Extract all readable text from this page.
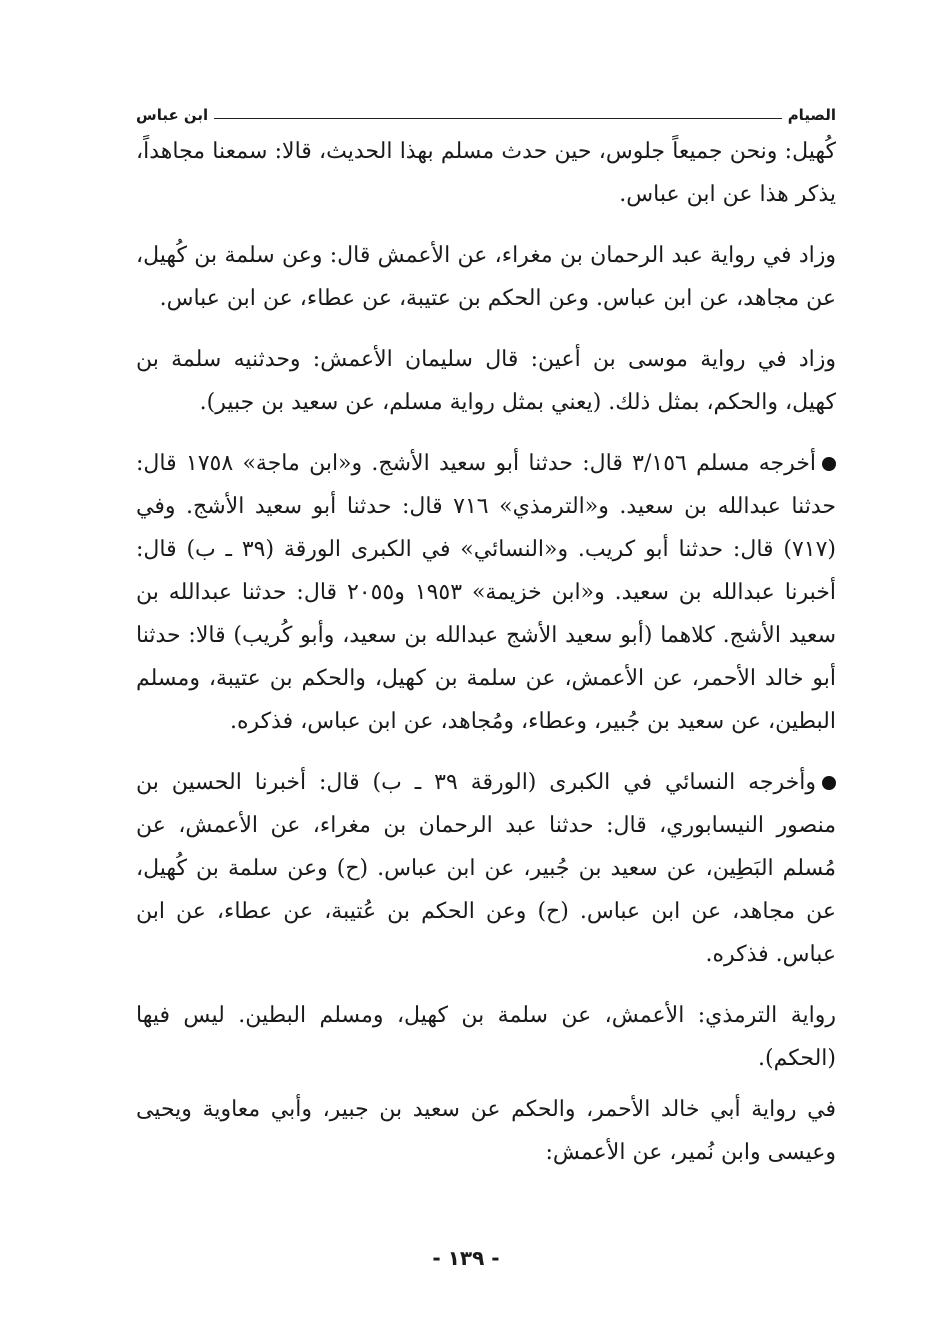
الصيام
ابن عباس

كُهيل: ونحن جميعاً جلوس، حين حدث مسلم بهذا الحديث، قالا: سمعنا مجاهداً، يذكر هذا عن ابن عباس.

وزاد في رواية عبد الرحمان بن مغراء، عن الأعمش قال: وعن سلمة بن كُهيل، عن مجاهد، عن ابن عباس. وعن الحكم بن عتيبة، عن عطاء، عن ابن عباس.

وزاد في رواية موسى بن أعين: قال سليمان الأعمش: وحدثنيه سلمة بن كهيل، والحكم، بمثل ذلك. (يعني بمثل رواية مسلم، عن سعيد بن جبير).

أخرجه مسلم ٣/١٥٦ قال: حدثنا أبو سعيد الأشج. و«ابن ماجة» ١٧٥٨ قال: حدثنا عبدالله بن سعيد. و«الترمذي» ٧١٦ قال: حدثنا أبو سعيد الأشج. وفي (٧١٧) قال: حدثنا أبو كريب. و«النسائي» في الكبرى الورقة (٣٩ ـ ب) قال: أخبرنا عبدالله بن سعيد. و«ابن خزيمة» ١٩٥٣ و٢٠٥٥ قال: حدثنا عبدالله بن سعيد الأشج. كلاهما (أبو سعيد الأشج عبدالله بن سعيد، وأبو كُريب) قالا: حدثنا أبو خالد الأحمر، عن الأعمش، عن سلمة بن كهيل، والحكم بن عتيبة، ومسلم البطين، عن سعيد بن جُبير، وعطاء، ومُجاهد، عن ابن عباس، فذكره.

وأخرجه النسائي في الكبرى (الورقة ٣٩ ـ ب) قال: أخبرنا الحسين بن منصور النيسابوري، قال: حدثنا عبد الرحمان بن مغراء، عن الأعمش، عن مُسلم البَطِين، عن سعيد بن جُبير، عن ابن عباس. (ح) وعن سلمة بن كُهيل، عن مجاهد، عن ابن عباس. (ح) وعن الحكم بن عُتيبة، عن عطاء، عن ابن عباس. فذكره.

رواية الترمذي: الأعمش، عن سلمة بن كهيل، ومسلم البطين. ليس فيها (الحكم).

في رواية أبي خالد الأحمر، والحكم عن سعيد بن جبير، وأبي معاوية ويحيى وعيسى وابن نُمير، عن الأعمش:

- ١٣٩ -
